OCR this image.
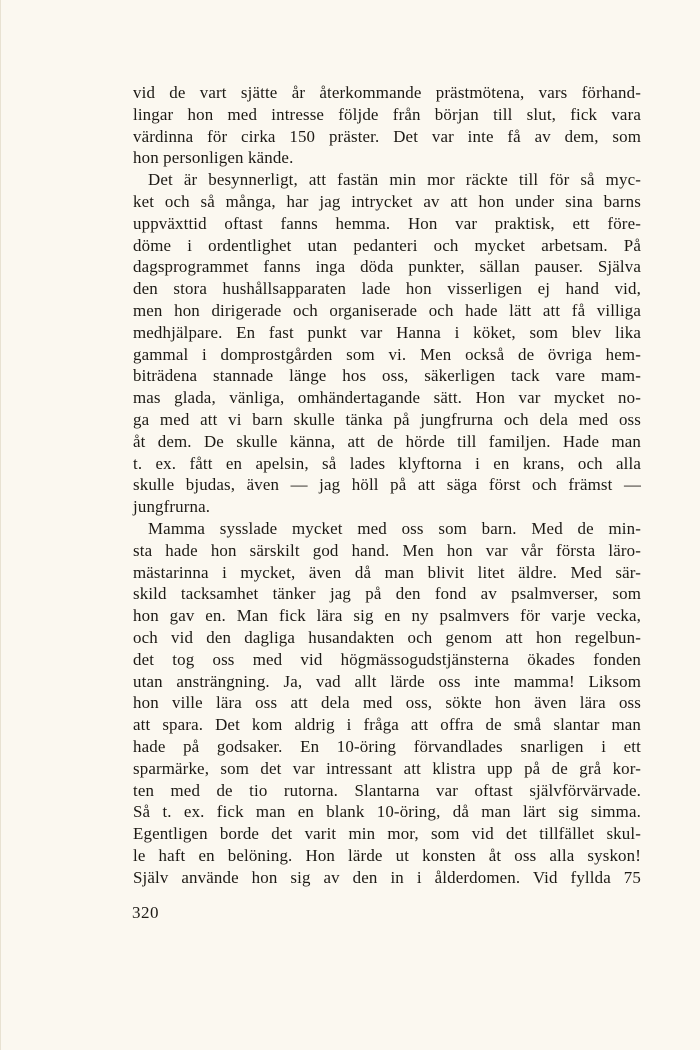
vid de vart sjätte år återkommande prästmötena, vars förhand-
lingar hon med intresse följde från början till slut, fick vara
värdinna för cirka 150 präster. Det var inte få av dem, som
hon personligen kände.
Det är besynnerligt, att fastän min mor räckte till för så myc-
ket och så många, har jag intrycket av att hon under sina barns
uppväxttid oftast fanns hemma. Hon var praktisk, ett före-
döme i ordentlighet utan pedanteri och mycket arbetsam. På
dagsprogrammet fanns inga döda punkter, sällan pauser. Själva
den stora hushållsapparaten lade hon visserligen ej hand vid,
men hon dirigerade och organiserade och hade lätt att få villiga
medhjälpare. En fast punkt var Hanna i köket, som blev lika
gammal i domprostgården som vi. Men också de övriga hem-
biträdena stannade länge hos oss, säkerligen tack vare mam-
mas glada, vänliga, omhändertagande sätt. Hon var mycket no-
ga med att vi barn skulle tänka på jungfrurna och dela med oss
åt dem. De skulle känna, att de hörde till familjen. Hade man
t. ex. fått en apelsin, så lades klyftorna i en krans, och alla
skulle bjudas, även — jag höll på att säga först och främst —
jungfrurna.
Mamma sysslade mycket med oss som barn. Med de min-
sta hade hon särskilt god hand. Men hon var vår första läro-
mästarinna i mycket, även då man blivit litet äldre. Med sär-
skild tacksamhet tänker jag på den fond av psalmverser, som
hon gav en. Man fick lära sig en ny psalmvers för varje vecka,
och vid den dagliga husandakten och genom att hon regelbun-
det tog oss med vid högmässogudstjänsterna ökades fonden
utan ansträngning. Ja, vad allt lärde oss inte mamma! Liksom
hon ville lära oss att dela med oss, sökte hon även lära oss
att spara. Det kom aldrig i fråga att offra de små slantar man
hade på godsaker. En 10-öring förvandlades snarligen i ett
sparmärke, som det var intressant att klistra upp på de grå kor-
ten med de tio rutorna. Slantarna var oftast självförvärvade.
Så t. ex. fick man en blank 10-öring, då man lärt sig simma.
Egentligen borde det varit min mor, som vid det tillfället skul-
le haft en belöning. Hon lärde ut konsten åt oss alla syskon!
Själv använde hon sig av den in i ålderdomen. Vid fyllda 75
320
